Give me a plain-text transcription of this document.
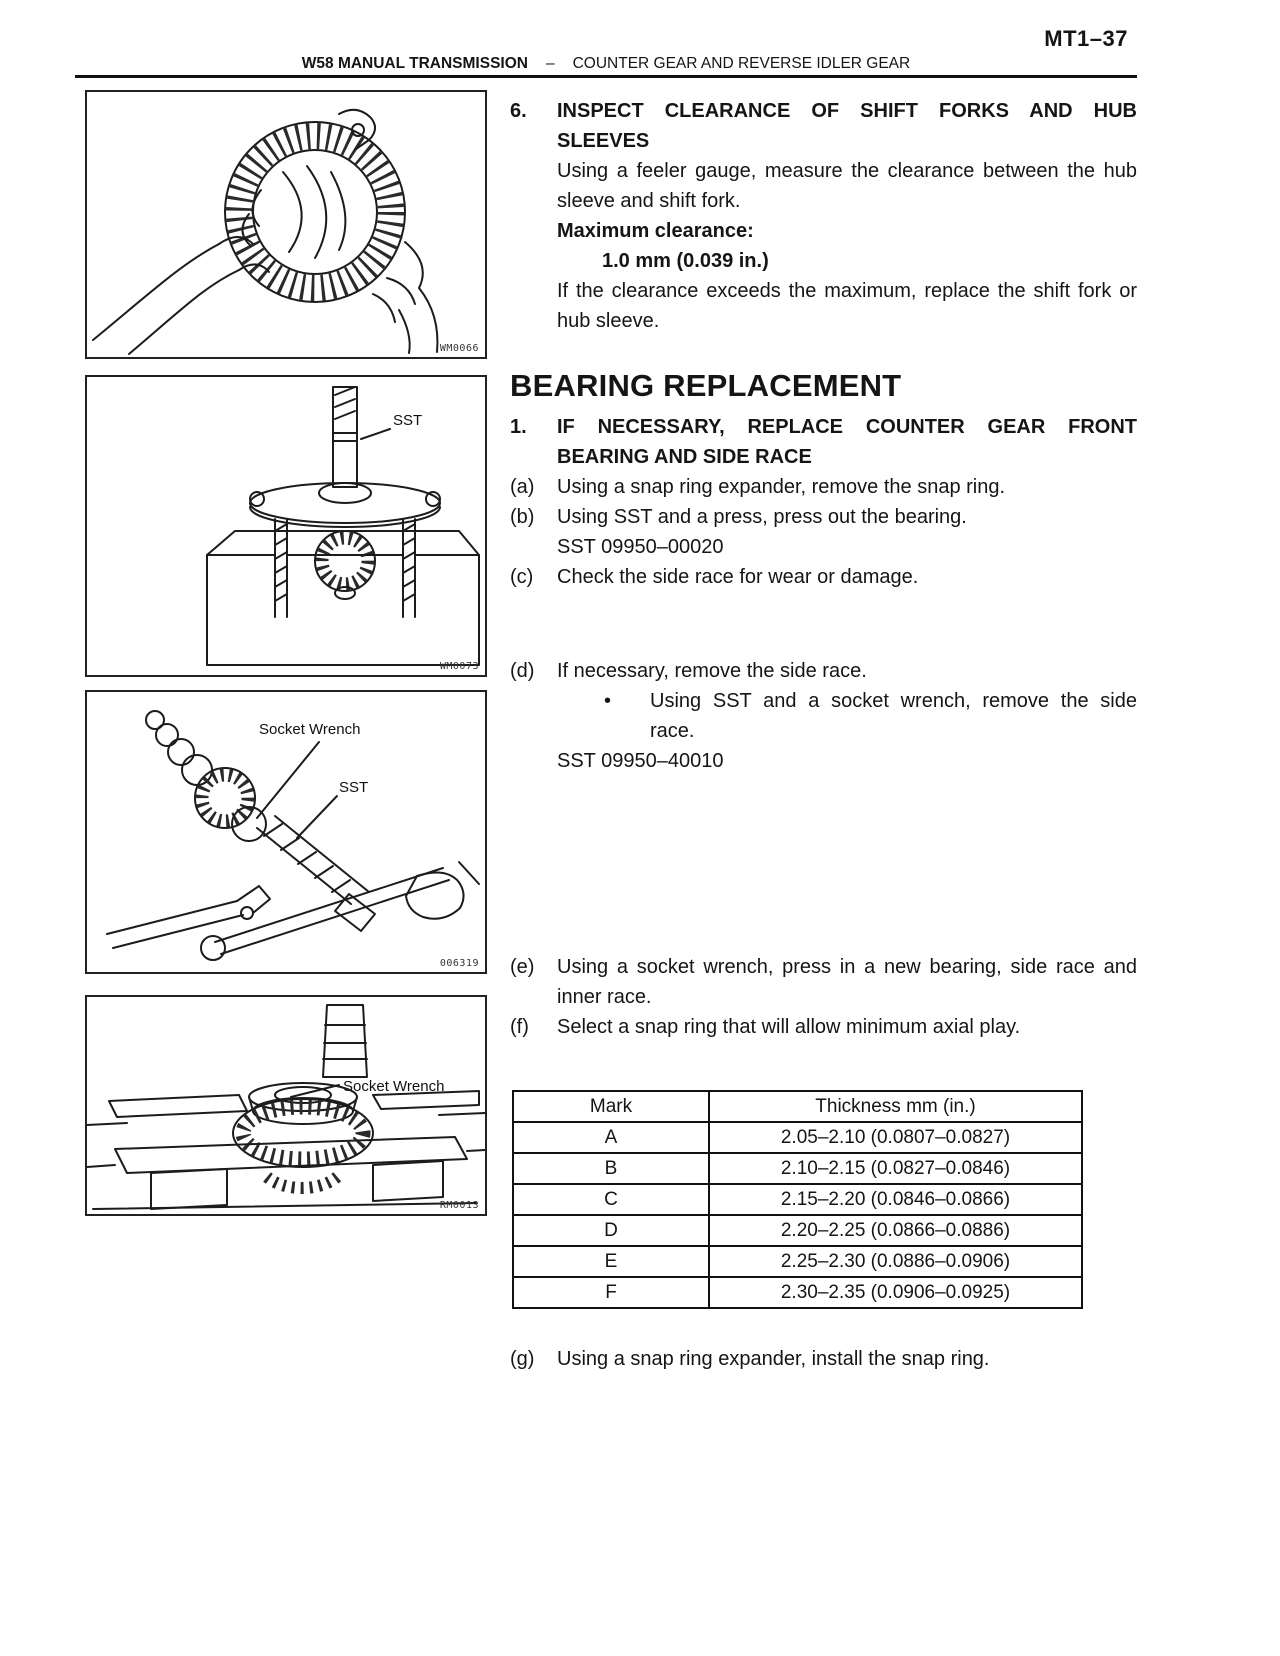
MT1–37
W58 MANUAL TRANSMISSION – COUNTER GEAR AND REVERSE IDLER GEAR
WM0066
SST
WM0073
Socket Wrench
SST
006319
Socket Wrench
RM0013
6.	INSPECT CLEARANCE OF SHIFT FORKS AND HUB
SLEEVES

Using a feeler gauge, measure the clearance between the hub sleeve and shift fork.

Maximum clearance:
1.0 mm (0.039 in.)

If the clearance exceeds the maximum, replace the shift fork or hub sleeve.

BEARING REPLACEMENT
1.	IF NECESSARY, REPLACE COUNTER GEAR FRONT
BEARING AND SIDE RACE
(a)	Using a snap ring expander, remove the snap ring.
(b)	Using SST and a press, press out the bearing.
SST 09950–00020
(c)	Check the side race for wear or damage.
(d)	If necessary, remove the side race.
•	Using SST and a socket wrench, remove the side race.
SST 09950–40010
(e)	Using a socket wrench, press in a new bearing, side race and inner race.
(f)	Select a snap ring that will allow minimum axial play.
Mark	Thickness mm (in.)
A	2.05–2.10 (0.0807–0.0827)
B	2.10–2.15 (0.0827–0.0846)
C	2.15–2.20 (0.0846–0.0866)
D	2.20–2.25 (0.0866–0.0886)
E	2.25–2.30 (0.0886–0.0906)
F	2.30–2.35 (0.0906–0.0925)
(g)	Using a snap ring expander, install the snap ring.
